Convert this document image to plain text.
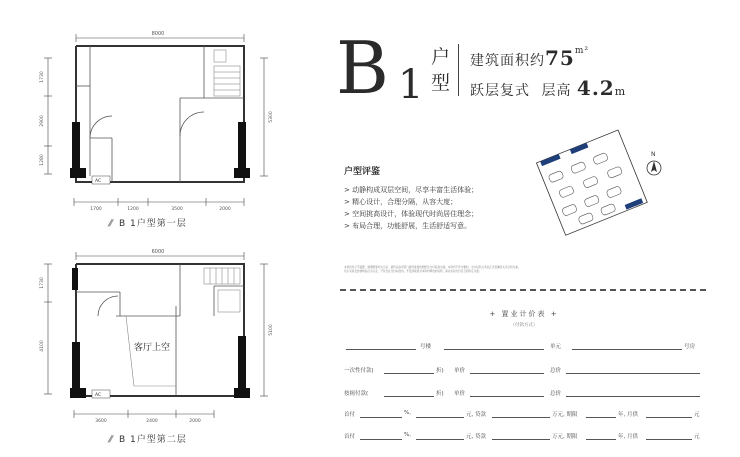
AC
8000
1730
2900
1280
5300
1700	1200	3500	2000
⫽ B 1户型第一层
AC
客厅上空
6000
1730
4100
5100
3600	2400	2000
⫽ B 1户型第二层
B 1
户
型
建筑面积约$75^{m^2}$
跃层复式 层高 4.2m
户型评鉴
> 动静构成双层空间，尽享丰富生活体验；
> 精心设计，合理分隔，从容大度；
> 空间挑高设计，体验现代时尚居住理念；
> 布局合理，功能舒展，生活舒适写意。
N
本资料所示平面图、效果图等均为示意，最终以政府部门最终批准的图纸及交付标准为准。本资料不作为要约，双方权利义务以正式签署的买卖合同为准。
所示家具及装饰物品仅为示意，不包含在交付标准内。开发商保留对本资料修改的权利，请以实际交付及合同约定为准。
+ 置业计价表 +
（付款方式）
号楼	单元	号房
一次性付款(	折) 单价	总价
按揭付款(	折) 单价	总价
首付	%,	元, 贷款	万元, 期限	年, 月供	元
首付	%,	元, 贷款	万元, 期限	年, 月供	元
